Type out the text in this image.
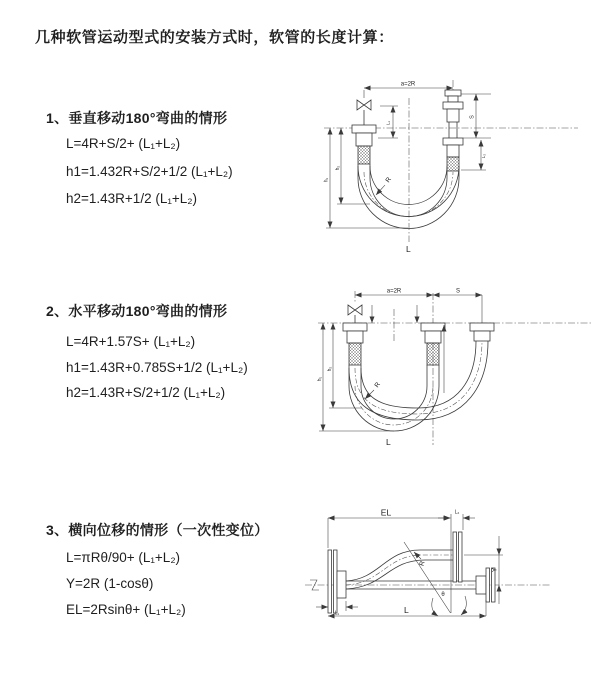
几种软管运动型式的安装方式时，软管的长度计算：
1、垂直移动180°弯曲的情形
L=4R+S/2+ (L₁+L₂)
h1=1.432R+S/2+1/2 (L₁+L₂)
h2=1.43R+1/2 (L₁+L₂)
2、水平移动180°弯曲的情形
L=4R+1.57S+ (L₁+L₂)
h1=1.43R+0.785S+1/2 (L₁+L₂)
h2=1.43R+S/2+1/2 (L₁+L₂)
3、横向位移的情形（一次性变位）
L=πRθ/90+ (L₁+L₂)
Y=2R (1-cosθ)
EL=2Rsinθ+ (L₁+L₂)
a=2R
h₁
h₂
L₁
S
L₂
R
L
a=2R	S
h₁
h₂
R
L
EL	L₂
Y
θ
R
L₁	L
